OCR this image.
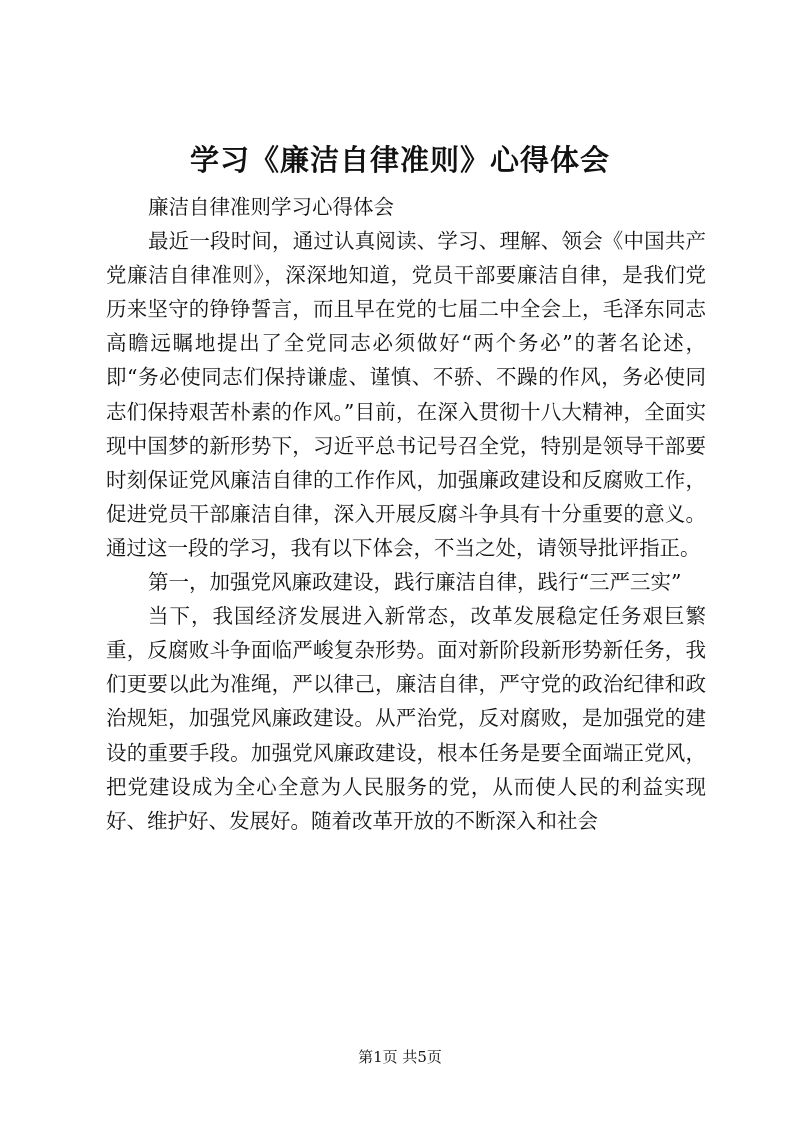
学习《廉洁自律准则》心得体会

廉洁自律准则学习心得体会

最近一段时间，通过认真阅读、学习、理解、领会《中国共产党廉洁自律准则》，深深地知道，党员干部要廉洁自律，是我们党历来坚守的铮铮誓言，而且早在党的七届二中全会上，毛泽东同志高瞻远瞩地提出了全党同志必须做好“两个务必”的著名论述，即“务必使同志们保持谦虚、谨慎、不骄、不躁的作风，务必使同志们保持艰苦朴素的作风。”目前，在深入贯彻十八大精神，全面实现中国梦的新形势下，习近平总书记号召全党，特别是领导干部要时刻保证党风廉洁自律的工作作风，加强廉政建设和反腐败工作，促进党员干部廉洁自律，深入开展反腐斗争具有十分重要的意义。通过这一段的学习，我有以下体会，不当之处，请领导批评指正。

第一，加强党风廉政建设，践行廉洁自律，践行“三严三实”

当下，我国经济发展进入新常态，改革发展稳定任务艰巨繁重，反腐败斗争面临严峻复杂形势。面对新阶段新形势新任务，我们更要以此为准绳，严以律己，廉洁自律，严守党的政治纪律和政治规矩，加强党风廉政建设。从严治党，反对腐败，是加强党的建设的重要手段。加强党风廉政建设，根本任务是要全面端正党风，把党建设成为全心全意为人民服务的党，从而使人民的利益实现好、维护好、发展好。随着改革开放的不断深入和社会

第1页 共5页
